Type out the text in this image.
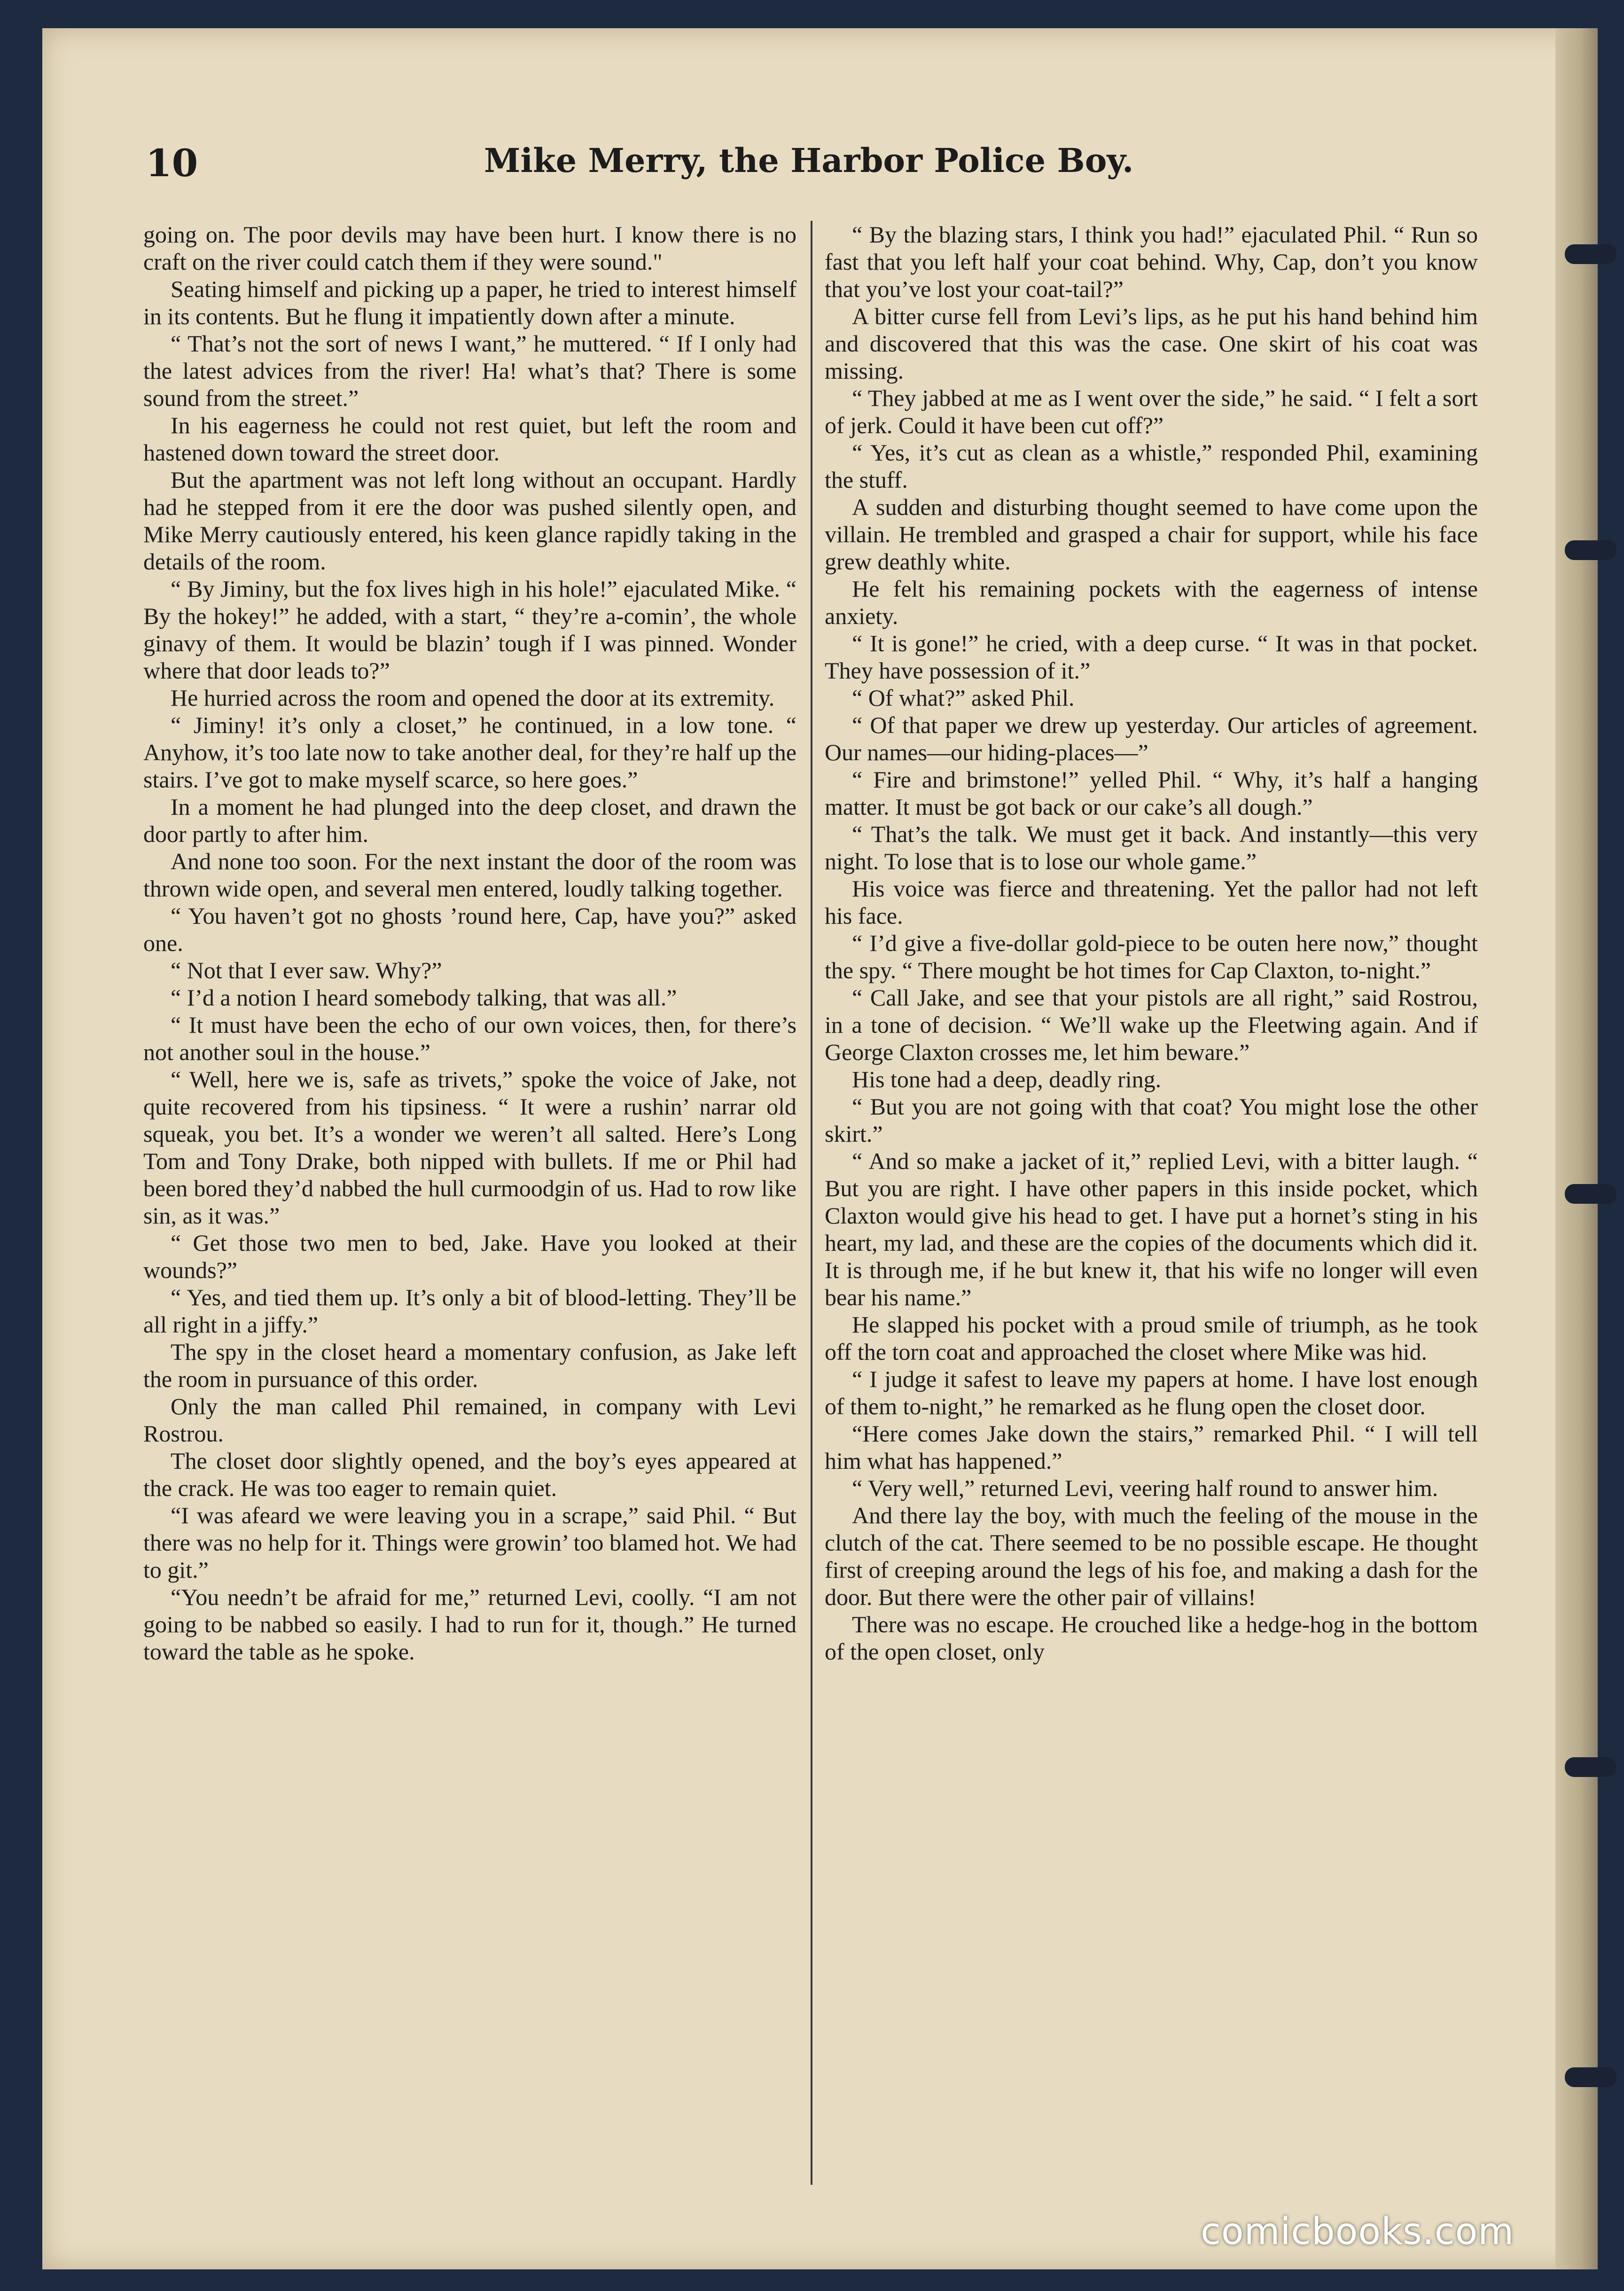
10	Mike Merry, the Harbor Police Boy.

going on. The poor devils may have been hurt. I know there is no craft on the river could catch them if they were sound."

Seating himself and picking up a paper, he tried to interest himself in its contents. But he flung it impatiently down after a minute.

“ That’s not the sort of news I want,” he muttered. “ If I only had the latest advices from the river! Ha! what’s that? There is some sound from the street.”

In his eagerness he could not rest quiet, but left the room and hastened down toward the street door.

But the apartment was not left long without an occupant. Hardly had he stepped from it ere the door was pushed silently open, and Mike Merry cautiously entered, his keen glance rapidly taking in the details of the room.

“ By Jiminy, but the fox lives high in his hole!” ejaculated Mike. “ By the hokey!” he added, with a start, “ they’re a-comin’, the whole ginavy of them. It would be blazin’ tough if I was pinned. Wonder where that door leads to?”

He hurried across the room and opened the door at its extremity.

“ Jiminy! it’s only a closet,” he continued, in a low tone. “ Anyhow, it’s too late now to take another deal, for they’re half up the stairs. I’ve got to make myself scarce, so here goes.”

In a moment he had plunged into the deep closet, and drawn the door partly to after him.

And none too soon. For the next instant the door of the room was thrown wide open, and several men entered, loudly talking together.

“ You haven’t got no ghosts ’round here, Cap, have you?” asked one.

“ Not that I ever saw. Why?”

“ I’d a notion I heard somebody talking, that was all.”

“ It must have been the echo of our own voices, then, for there’s not another soul in the house.”

“ Well, here we is, safe as trivets,” spoke the voice of Jake, not quite recovered from his tipsiness. “ It were a rushin’ narrar old squeak, you bet. It’s a wonder we weren’t all salted. Here’s Long Tom and Tony Drake, both nipped with bullets. If me or Phil had been bored they’d nabbed the hull curmoodgin of us. Had to row like sin, as it was.”

“ Get those two men to bed, Jake. Have you looked at their wounds?”

“ Yes, and tied them up. It’s only a bit of blood-letting. They’ll be all right in a jiffy.”

The spy in the closet heard a momentary confusion, as Jake left the room in pursuance of this order.

Only the man called Phil remained, in company with Levi Rostrou.

The closet door slightly opened, and the boy’s eyes appeared at the crack. He was too eager to remain quiet.

“I was afeard we were leaving you in a scrape,” said Phil. “ But there was no help for it. Things were growin’ too blamed hot. We had to git.”

“You needn’t be afraid for me,” returned Levi, coolly. “I am not going to be nabbed so easily. I had to run for it, though.” He turned toward the table as he spoke.

“ By the blazing stars, I think you had!” ejaculated Phil. “ Run so fast that you left half your coat behind. Why, Cap, don’t you know that you’ve lost your coat-tail?”

A bitter curse fell from Levi’s lips, as he put his hand behind him and discovered that this was the case. One skirt of his coat was missing.

“ They jabbed at me as I went over the side,” he said. “ I felt a sort of jerk. Could it have been cut off?”

“ Yes, it’s cut as clean as a whistle,” responded Phil, examining the stuff.

A sudden and disturbing thought seemed to have come upon the villain. He trembled and grasped a chair for support, while his face grew deathly white.

He felt his remaining pockets with the eagerness of intense anxiety.

“ It is gone!” he cried, with a deep curse. “ It was in that pocket. They have possession of it.”

“ Of what?” asked Phil.

“ Of that paper we drew up yesterday. Our articles of agreement. Our names—our hiding-places—”

“ Fire and brimstone!” yelled Phil. “ Why, it’s half a hanging matter. It must be got back or our cake’s all dough.”

“ That’s the talk. We must get it back. And instantly—this very night. To lose that is to lose our whole game.”

His voice was fierce and threatening. Yet the pallor had not left his face.

“ I’d give a five-dollar gold-piece to be outen here now,” thought the spy. “ There mought be hot times for Cap Claxton, to-night.”

“ Call Jake, and see that your pistols are all right,” said Rostrou, in a tone of decision. “ We’ll wake up the Fleetwing again. And if George Claxton crosses me, let him beware.”

His tone had a deep, deadly ring.

“ But you are not going with that coat? You might lose the other skirt.”

“ And so make a jacket of it,” replied Levi, with a bitter laugh. “ But you are right. I have other papers in this inside pocket, which Claxton would give his head to get. I have put a hornet’s sting in his heart, my lad, and these are the copies of the documents which did it. It is through me, if he but knew it, that his wife no longer will even bear his name.”

He slapped his pocket with a proud smile of triumph, as he took off the torn coat and approached the closet where Mike was hid.

“ I judge it safest to leave my papers at home. I have lost enough of them to-night,” he remarked as he flung open the closet door.

“Here comes Jake down the stairs,” remarked Phil. “ I will tell him what has happened.”

“ Very well,” returned Levi, veering half round to answer him.

And there lay the boy, with much the feeling of the mouse in the clutch of the cat. There seemed to be no possible escape. He thought first of creeping around the legs of his foe, and making a dash for the door. But there were the other pair of villains!

There was no escape. He crouched like a hedge-hog in the bottom of the open closet, only

comicbooks.com
